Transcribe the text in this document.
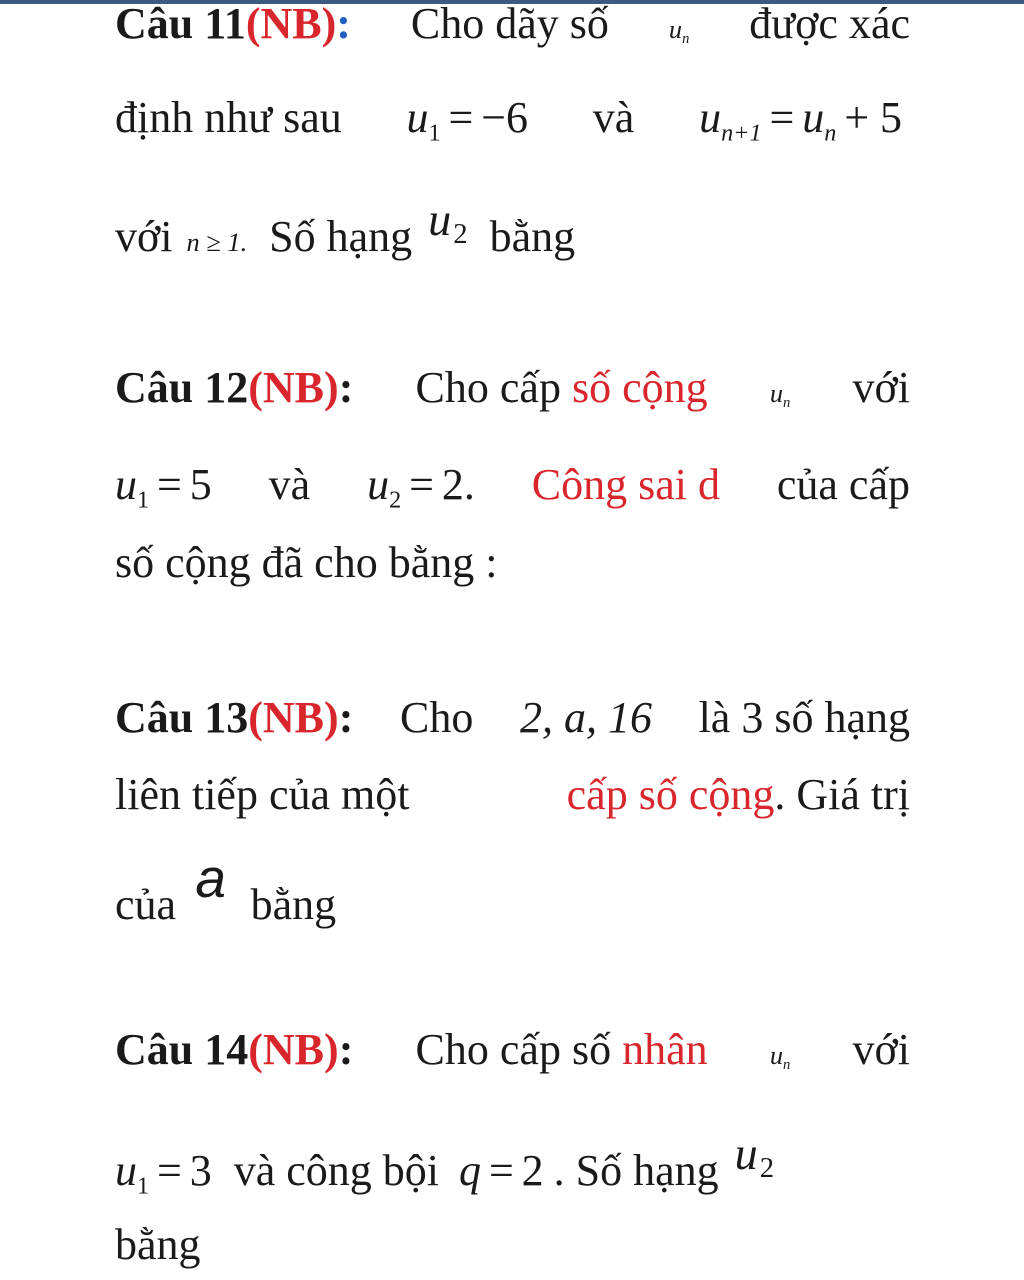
Câu 11(NB): Cho dãy số un được xác
định như sau u1 = −6 và un+1 = un + 5
với n ≥ 1. Số hạng $u_2$ bằng
Câu 12(NB): Cho cấp số cộng un với
u1 = 5 và u2 = 2. Công sai d của cấp
số cộng đã cho bằng :
Câu 13(NB): Cho 2, a, 16 là 3 số hạng
liên tiếp của một	cấp số cộng. Giá trị
của a bằng
Câu 14(NB): Cho cấp số nhân un với
u1 = 3 và công bội q = 2 . Số hạng $u_2$
bằng
